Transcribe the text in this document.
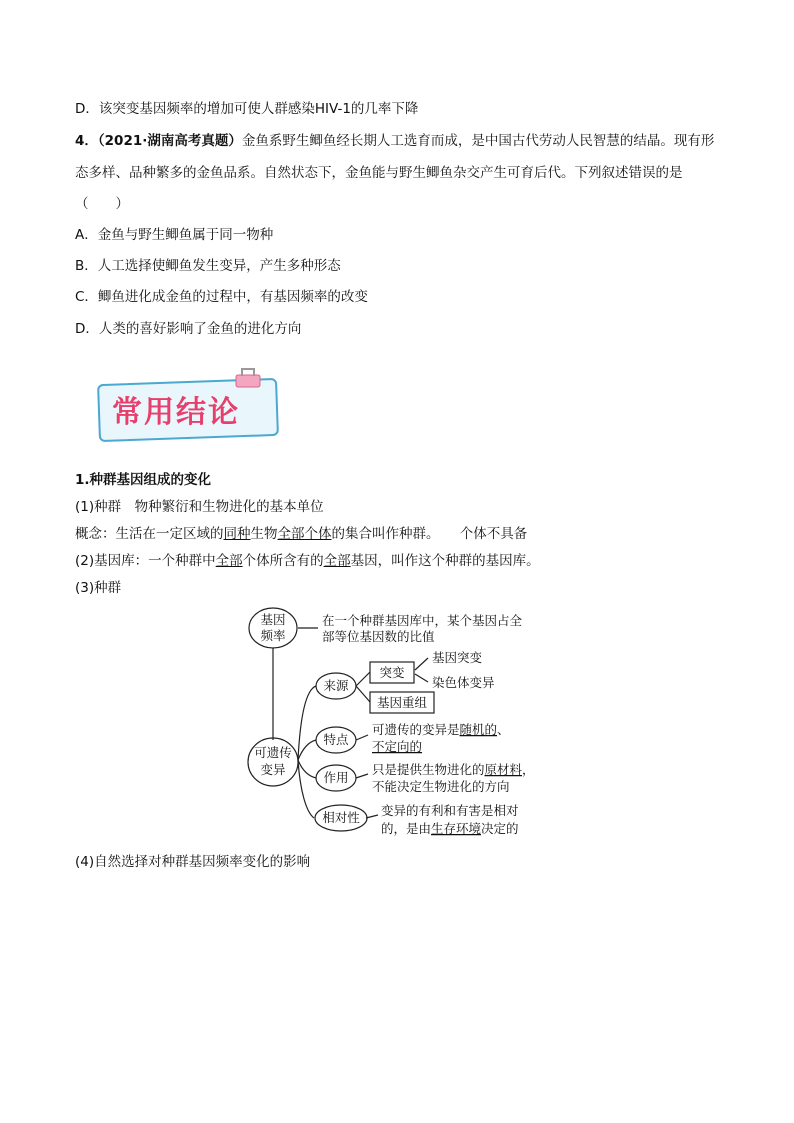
D．该突变基因频率的增加可使人群感染HIV-1的几率下降
4．（2021·湖南高考真题）金鱼系野生鲫鱼经长期人工选育而成，是中国古代劳动人民智慧的结晶。现有形
态多样、品种繁多的金鱼品系。自然状态下，金鱼能与野生鲫鱼杂交产生可育后代。下列叙述错误的是
（　　）
A．金鱼与野生鲫鱼属于同一物种
B．人工选择使鲫鱼发生变异，产生多种形态
C．鲫鱼进化成金鱼的过程中，有基因频率的改变
D．人类的喜好影响了金鱼的进化方向
常用结论
1.种群基因组成的变化
(1)种群　物种繁衍和生物进化的基本单位
概念：生活在一定区域的同种生物全部个体的集合叫作种群。　　个体不具备
(2)基因库：一个种群中全部个体所含有的全部基因，叫作这个种群的基因库。
(3)种群
基因
频率
在一个种群基因库中，某个基因占全
部等位基因数的比值
可遗传
变异
来源
突变
基因重组
基因突变
染色体变异
特点
可遗传的变异是随机的、
不定向的
作用
只是提供生物进化的原材料，
不能决定生物进化的方向
相对性 变异的有利和有害是相对
的，是由生存环境决定的
(4)自然选择对种群基因频率变化的影响
